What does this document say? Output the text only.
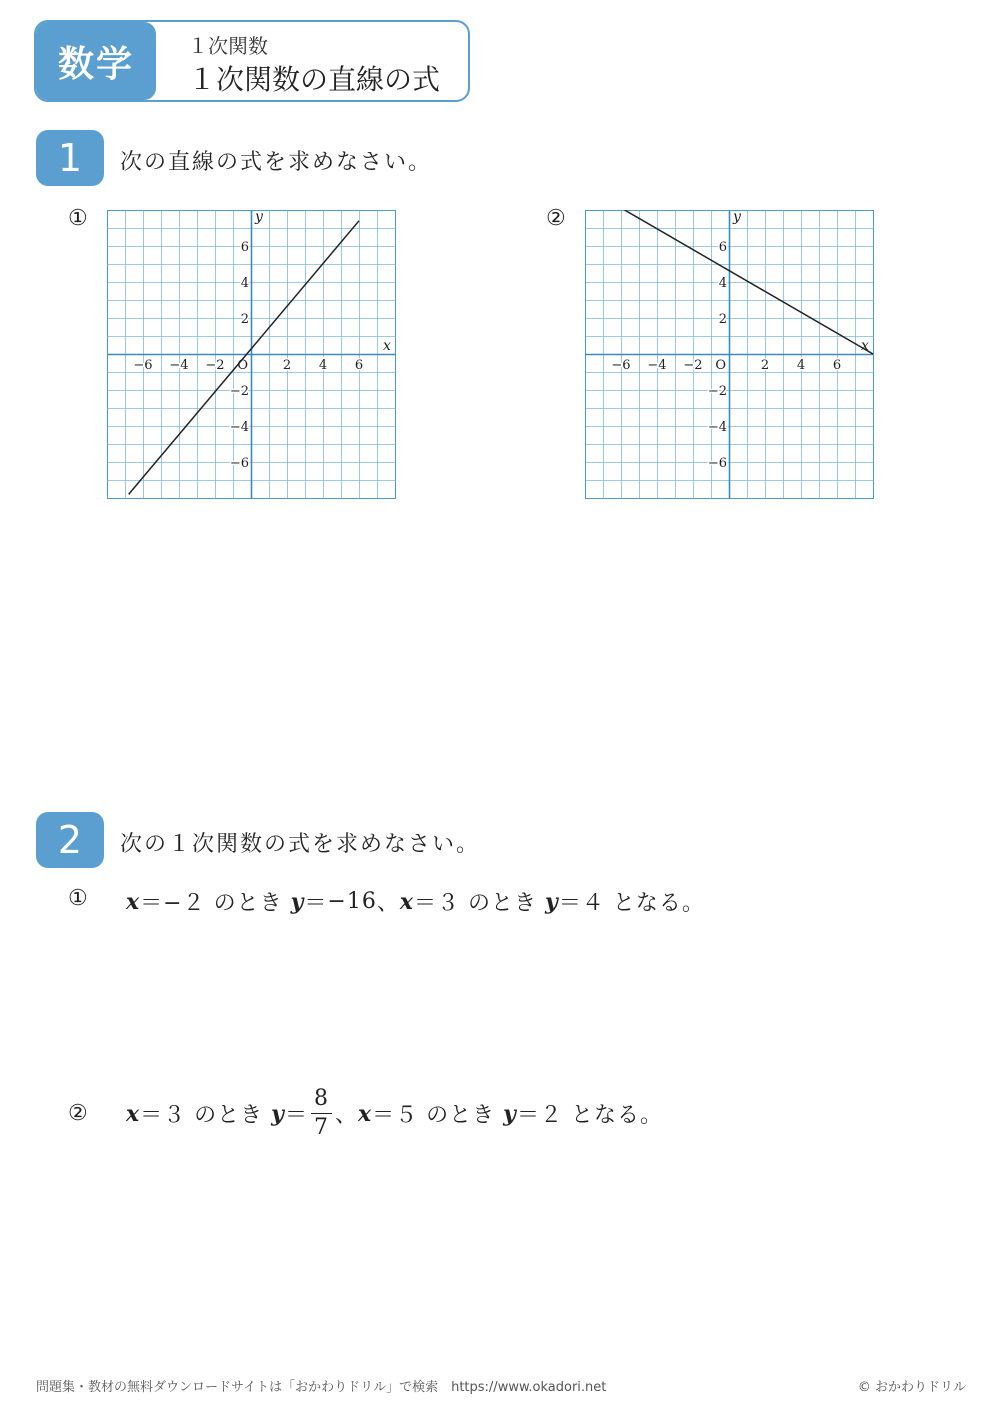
数学	１次関数
１次関数の直線の式
1	次の直線の式を求めなさい。
①
−6 −4 −2	2 4 6
6
4
2
−2
−4
−6
O
x
y	②
−6 −4 −2	2 4 6
6
4
2
−2
−4
−6
O
x
y
2	次の１次関数の式を求めなさい。
① x ＝ −２ のとき y ＝ −16 、 x ＝ ３ のとき y ＝ ４ となる。
② x ＝ ３ のとき $y = \frac{8}{7}$ 、 x ＝ ５ のとき y ＝ ２ となる。
問題集・教材の無料ダウンロードサイトは「おかわりドリル」で検索　https://www.okadori.net	© おかわりドリル
